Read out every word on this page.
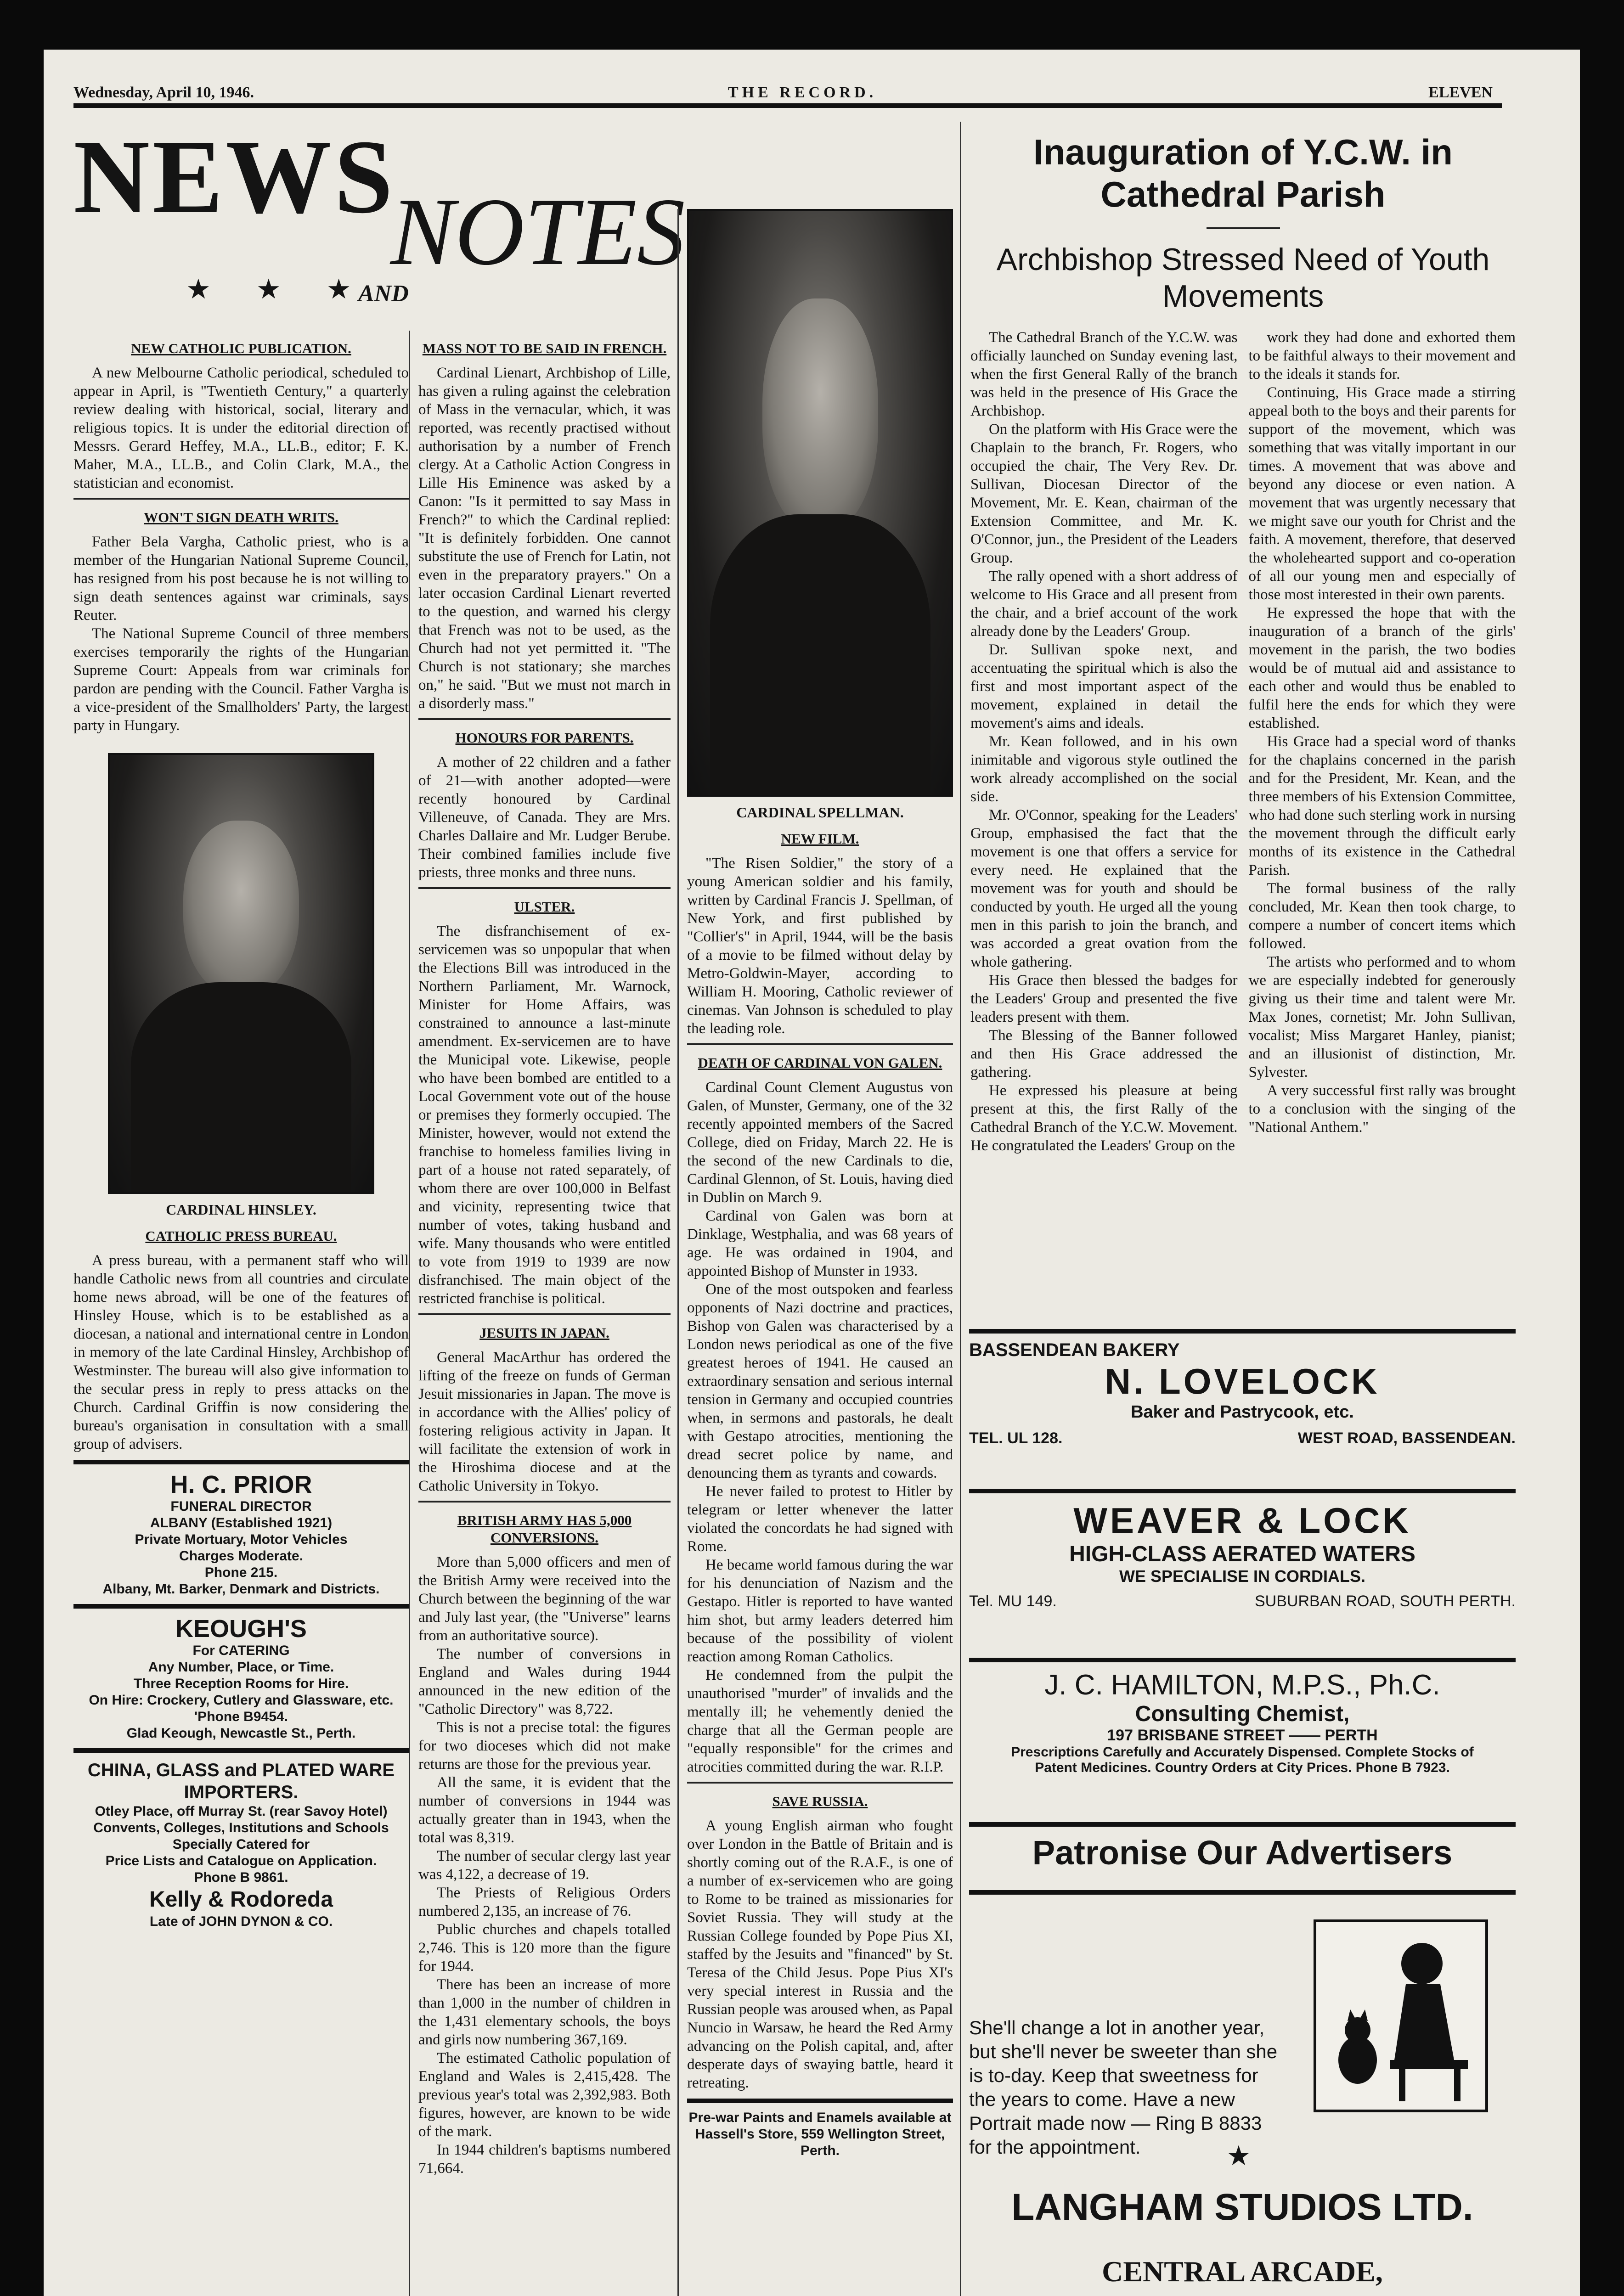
Wednesday, April 10, 1946.	THE RECORD.	ELEVEN
NEWS
★ ★ ★
AND
NOTES
NEW CATHOLIC PUBLICATION.

A new Melbourne Catholic periodical, scheduled to appear in April, is "Twentieth Century," a quarterly review dealing with historical, social, literary and religious topics. It is under the editorial direction of Messrs. Gerard Heffey, M.A., LL.B., editor; F. K. Maher, M.A., LL.B., and Colin Clark, M.A., the statistician and economist.

WON'T SIGN DEATH WRITS.

Father Bela Vargha, Catholic priest, who is a member of the Hungarian National Supreme Council, has resigned from his post because he is not willing to sign death sentences against war criminals, says Reuter.

The National Supreme Council of three members exercises temporarily the rights of the Hungarian Supreme Court: Appeals from war criminals for pardon are pending with the Council. Father Vargha is a vice-president of the Smallholders' Party, the largest party in Hungary.

CARDINAL HINSLEY.
CATHOLIC PRESS BUREAU.

A press bureau, with a permanent staff who will handle Catholic news from all countries and circulate home news abroad, will be one of the features of Hinsley House, which is to be established as a diocesan, a national and international centre in London in memory of the late Cardinal Hinsley, Archbishop of Westminster. The bureau will also give information to the secular press in reply to press attacks on the Church. Cardinal Griffin is now considering the bureau's organisation in consultation with a small group of advisers.

H. C. PRIOR
FUNERAL DIRECTOR
ALBANY (Established 1921)
Private Mortuary, Motor Vehicles
Charges Moderate.
Phone 215.
Albany, Mt. Barker, Denmark and Districts.
KEOUGH'S
For CATERING
Any Number, Place, or Time.
Three Reception Rooms for Hire.
On Hire: Crockery, Cutlery and Glassware, etc. 'Phone B9454.
Glad Keough, Newcastle St., Perth.
CHINA, GLASS and PLATED WARE IMPORTERS.
Otley Place, off Murray St. (rear Savoy Hotel)
Convents, Colleges, Institutions and Schools Specially Catered for
Price Lists and Catalogue on Application.
Phone B 9861.
Kelly & Rodoreda
Late of JOHN DYNON & CO.
MASS NOT TO BE SAID IN FRENCH.

Cardinal Lienart, Archbishop of Lille, has given a ruling against the celebration of Mass in the vernacular, which, it was reported, was recently practised without authorisation by a number of French clergy. At a Catholic Action Congress in Lille His Eminence was asked by a Canon: "Is it permitted to say Mass in French?" to which the Cardinal replied: "It is definitely forbidden. One cannot substitute the use of French for Latin, not even in the preparatory prayers." On a later occasion Cardinal Lienart reverted to the question, and warned his clergy that French was not to be used, as the Church had not yet permitted it. "The Church is not stationary; she marches on," he said. "But we must not march in a disorderly mass."

HONOURS FOR PARENTS.

A mother of 22 children and a father of 21—with another adopted—were recently honoured by Cardinal Villeneuve, of Canada. They are Mrs. Charles Dallaire and Mr. Ludger Berube. Their combined families include five priests, three monks and three nuns.

ULSTER.

The disfranchisement of ex-servicemen was so unpopular that when the Elections Bill was introduced in the Northern Parliament, Mr. Warnock, Minister for Home Affairs, was constrained to announce a last-minute amendment. Ex-servicemen are to have the Municipal vote. Likewise, people who have been bombed are entitled to a Local Government vote out of the house or premises they formerly occupied. The Minister, however, would not extend the franchise to homeless families living in part of a house not rated separately, of whom there are over 100,000 in Belfast and vicinity, representing twice that number of votes, taking husband and wife. Many thousands who were entitled to vote from 1919 to 1939 are now disfranchised. The main object of the restricted franchise is political.

JESUITS IN JAPAN.

General MacArthur has ordered the lifting of the freeze on funds of German Jesuit missionaries in Japan. The move is in accordance with the Allies' policy of fostering religious activity in Japan. It will facilitate the extension of work in the Hiroshima diocese and at the Catholic University in Tokyo.

BRITISH ARMY HAS 5,000 CONVERSIONS.

More than 5,000 officers and men of the British Army were received into the Church between the beginning of the war and July last year, (the "Universe" learns from an authoritative source).

The number of conversions in England and Wales during 1944 announced in the new edition of the "Catholic Directory" was 8,722.

This is not a precise total: the figures for two dioceses which did not make returns are those for the previous year.

All the same, it is evident that the number of conversions in 1944 was actually greater than in 1943, when the total was 8,319.

The number of secular clergy last year was 4,122, a decrease of 19.

The Priests of Religious Orders numbered 2,135, an increase of 76.

Public churches and chapels totalled 2,746. This is 120 more than the figure for 1944.

There has been an increase of more than 1,000 in the number of children in the 1,431 elementary schools, the boys and girls now numbering 367,169.

The estimated Catholic population of England and Wales is 2,415,428. The previous year's total was 2,392,983. Both figures, however, are known to be wide of the mark.

In 1944 children's baptisms numbered 71,664.

CARDINAL SPELLMAN.
NEW FILM.

"The Risen Soldier," the story of a young American soldier and his family, written by Cardinal Francis J. Spellman, of New York, and first published by "Collier's" in April, 1944, will be the basis of a movie to be filmed without delay by Metro-Goldwin-Mayer, according to William H. Mooring, Catholic reviewer of cinemas. Van Johnson is scheduled to play the leading role.

DEATH OF CARDINAL VON GALEN.

Cardinal Count Clement Augustus von Galen, of Munster, Germany, one of the 32 recently appointed members of the Sacred College, died on Friday, March 22. He is the second of the new Cardinals to die, Cardinal Glennon, of St. Louis, having died in Dublin on March 9.

Cardinal von Galen was born at Dinklage, Westphalia, and was 68 years of age. He was ordained in 1904, and appointed Bishop of Munster in 1933.

One of the most outspoken and fearless opponents of Nazi doctrine and practices, Bishop von Galen was characterised by a London news periodical as one of the five greatest heroes of 1941. He caused an extraordinary sensation and serious internal tension in Germany and occupied countries when, in sermons and pastorals, he dealt with Gestapo atrocities, mentioning the dread secret police by name, and denouncing them as tyrants and cowards.

He never failed to protest to Hitler by telegram or letter whenever the latter violated the concordats he had signed with Rome.

He became world famous during the war for his denunciation of Nazism and the Gestapo. Hitler is reported to have wanted him shot, but army leaders deterred him because of the possibility of violent reaction among Roman Catholics.

He condemned from the pulpit the unauthorised "murder" of invalids and the mentally ill; he vehemently denied the charge that all the German people are "equally responsible" for the crimes and atrocities committed during the war. R.I.P.

SAVE RUSSIA.

A young English airman who fought over London in the Battle of Britain and is shortly coming out of the R.A.F., is one of a number of ex-servicemen who are going to Rome to be trained as missionaries for Soviet Russia. They will study at the Russian College founded by Pope Pius XI, staffed by the Jesuits and "financed" by St. Teresa of the Child Jesus. Pope Pius XI's very special interest in Russia and the Russian people was aroused when, as Papal Nuncio in Warsaw, he heard the Red Army advancing on the Polish capital, and, after desperate days of swaying battle, heard it retreating.

Pre-war Paints and Enamels available at Hassell's Store, 559 Wellington Street, Perth.
Inauguration of Y.C.W. in Cathedral Parish
Archbishop Stressed Need of Youth Movements

The Cathedral Branch of the Y.C.W. was officially launched on Sunday evening last, when the first General Rally of the branch was held in the presence of His Grace the Archbishop.

On the platform with His Grace were the Chaplain to the branch, Fr. Rogers, who occupied the chair, The Very Rev. Dr. Sullivan, Diocesan Director of the Movement, Mr. E. Kean, chairman of the Extension Committee, and Mr. K. O'Connor, jun., the President of the Leaders Group.

The rally opened with a short address of welcome to His Grace and all present from the chair, and a brief account of the work already done by the Leaders' Group.

Dr. Sullivan spoke next, and accentuating the spiritual which is also the first and most important aspect of the movement, explained in detail the movement's aims and ideals.

Mr. Kean followed, and in his own inimitable and vigorous style outlined the work already accomplished on the social side.

Mr. O'Connor, speaking for the Leaders' Group, emphasised the fact that the movement is one that offers a service for every need. He explained that the movement was for youth and should be conducted by youth. He urged all the young men in this parish to join the branch, and was accorded a great ovation from the whole gathering.

His Grace then blessed the badges for the Leaders' Group and presented the five leaders present with them.

The Blessing of the Banner followed and then His Grace addressed the gathering.

He expressed his pleasure at being present at this, the first Rally of the Cathedral Branch of the Y.C.W. Movement. He congratulated the Leaders' Group on the

work they had done and exhorted them to be faithful always to their movement and to the ideals it stands for.

Continuing, His Grace made a stirring appeal both to the boys and their parents for support of the movement, which was something that was vitally important in our times. A movement that was above and beyond any diocese or even nation. A movement that was urgently necessary that we might save our youth for Christ and the faith. A movement, therefore, that deserved the wholehearted support and co-operation of all our young men and especially of those most interested in their own parents.

He expressed the hope that with the inauguration of a branch of the girls' movement in the parish, the two bodies would be of mutual aid and assistance to each other and would thus be enabled to fulfil here the ends for which they were established.

His Grace had a special word of thanks for the chaplains concerned in the parish and for the President, Mr. Kean, and the three members of his Extension Committee, who had done such sterling work in nursing the movement through the difficult early months of its existence in the Cathedral Parish.

The formal business of the rally concluded, Mr. Kean then took charge, to compere a number of concert items which followed.

The artists who performed and to whom we are especially indebted for generously giving us their time and talent were Mr. Max Jones, cornetist; Mr. John Sullivan, vocalist; Miss Margaret Hanley, pianist; and an illusionist of distinction, Mr. Sylvester.

A very successful first rally was brought to a conclusion with the singing of the "National Anthem."

BASSENDEAN BAKERY
N. LOVELOCK
Baker and Pastrycook, etc.
TEL. UL 128.	WEST ROAD, BASSENDEAN.
WEAVER & LOCK
HIGH-CLASS AERATED WATERS
WE SPECIALISE IN CORDIALS.
Tel. MU 149.	SUBURBAN ROAD, SOUTH PERTH.
J. C. HAMILTON, M.P.S., Ph.C.
Consulting Chemist,
197 BRISBANE STREET —— PERTH
Prescriptions Carefully and Accurately Dispensed. Complete Stocks of
Patent Medicines. Country Orders at City Prices. Phone B 7923.
Patronise Our Advertisers
She'll change a lot in another year, but she'll never be sweeter than she is to-day. Keep that sweetness for the years to come. Have a new Portrait made now — Ring B 8833 for the appointment.	★
LANGHAM STUDIOS LTD.
CENTRAL ARCADE,
